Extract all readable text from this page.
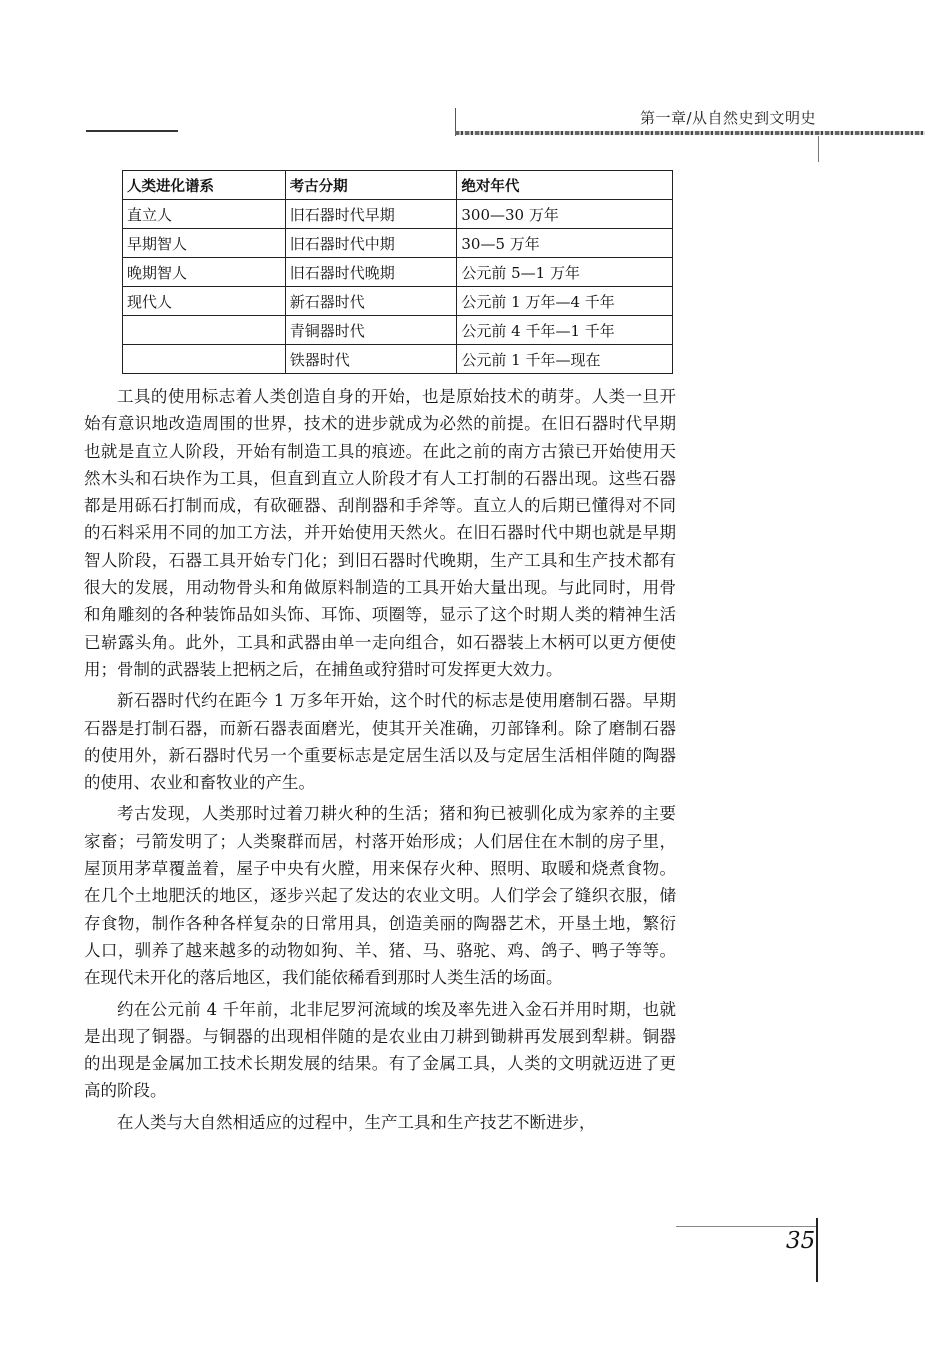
第一章/从自然史到文明史
人类进化谱系	考古分期	绝对年代
直立人	旧石器时代早期	300—30 万年
早期智人	旧石器时代中期	30—5 万年
晚期智人	旧石器时代晚期	公元前 5—1 万年
现代人	新石器时代	公元前 1 万年—4 千年
	青铜器时代	公元前 4 千年—1 千年
	铁器时代	公元前 1 千年—现在

工具的使用标志着人类创造自身的开始，也是原始技术的萌芽。人类一旦开始有意识地改造周围的世界，技术的进步就成为必然的前提。在旧石器时代早期也就是直立人阶段，开始有制造工具的痕迹。在此之前的南方古猿已开始使用天然木头和石块作为工具，但直到直立人阶段才有人工打制的石器出现。这些石器都是用砾石打制而成，有砍砸器、刮削器和手斧等。直立人的后期已懂得对不同的石料采用不同的加工方法，并开始使用天然火。在旧石器时代中期也就是早期智人阶段，石器工具开始专门化；到旧石器时代晚期，生产工具和生产技术都有很大的发展，用动物骨头和角做原料制造的工具开始大量出现。与此同时，用骨和角雕刻的各种装饰品如头饰、耳饰、项圈等，显示了这个时期人类的精神生活已崭露头角。此外，工具和武器由单一走向组合，如石器装上木柄可以更方便使用；骨制的武器装上把柄之后，在捕鱼或狩猎时可发挥更大效力。

新石器时代约在距今 1 万多年开始，这个时代的标志是使用磨制石器。早期石器是打制石器，而新石器表面磨光，使其开关准确，刃部锋利。除了磨制石器的使用外，新石器时代另一个重要标志是定居生活以及与定居生活相伴随的陶器的使用、农业和畜牧业的产生。

考古发现，人类那时过着刀耕火种的生活；猪和狗已被驯化成为家养的主要家畜；弓箭发明了；人类聚群而居，村落开始形成；人们居住在木制的房子里，屋顶用茅草覆盖着，屋子中央有火膛，用来保存火种、照明、取暖和烧煮食物。在几个土地肥沃的地区，逐步兴起了发达的农业文明。人们学会了缝织衣服，储存食物，制作各种各样复杂的日常用具，创造美丽的陶器艺术，开垦土地，繁衍人口，驯养了越来越多的动物如狗、羊、猪、马、骆驼、鸡、鸽子、鸭子等等。在现代未开化的落后地区，我们能依稀看到那时人类生活的场面。

约在公元前 4 千年前，北非尼罗河流域的埃及率先进入金石并用时期，也就是出现了铜器。与铜器的出现相伴随的是农业由刀耕到锄耕再发展到犁耕。铜器的出现是金属加工技术长期发展的结果。有了金属工具，人类的文明就迈进了更高的阶段。

在人类与大自然相适应的过程中，生产工具和生产技艺不断进步，

35
